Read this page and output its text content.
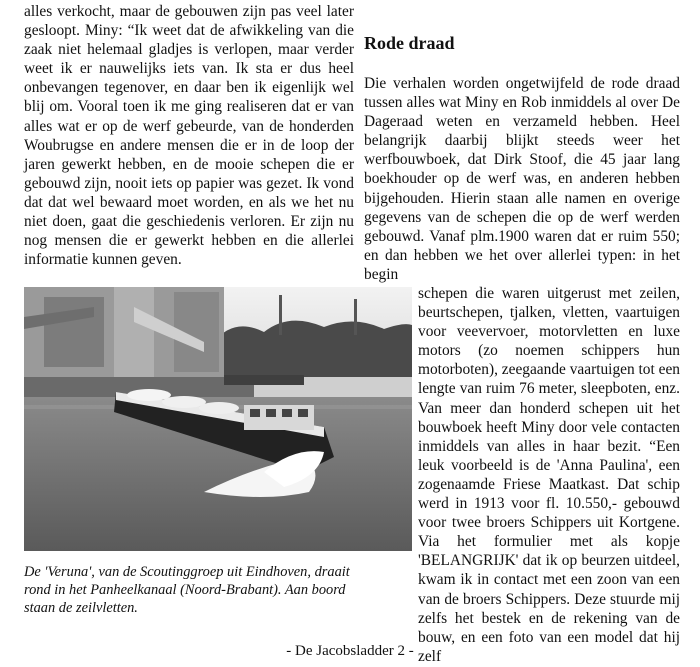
alles verkocht, maar de gebouwen zijn pas veel later gesloopt. Miny: “Ik weet dat de afwikkeling van die zaak niet helemaal gladjes is verlopen, maar verder weet ik er nauwelijks iets van. Ik sta er dus heel onbevangen tegenover, en daar ben ik eigenlijk wel blij om. Vooral toen ik me ging realiseren dat er van alles wat er op de werf gebeurde, van de honderden Woubrugse en andere mensen die er in de loop der jaren gewerkt hebben, en de mooie schepen die er gebouwd zijn, nooit iets op papier was gezet. Ik vond dat dat wel bewaard moet worden, en als we het nu niet doen, gaat die geschiedenis verloren. Er zijn nu nog mensen die er gewerkt hebben en die allerlei informatie kunnen geven.

De 'Veruna', van de Scoutinggroep uit Eindhoven, draait rond in het Panheelkanaal (Noord-Brabant). Aan boord staan de zeilvletten.
Rode draad

Die verhalen worden ongetwijfeld de rode draad tussen alles wat Miny en Rob inmiddels al over De Dageraad weten en verzameld hebben. Heel belangrijk daarbij blijkt steeds weer het werfbouwboek, dat Dirk Stoof, die 45 jaar lang boekhouder op de werf was, en anderen hebben bijgehouden. Hierin staan alle namen en overige gegevens van de schepen die op de werf werden gebouwd. Vanaf plm.1900 waren dat er ruim 550; en dan hebben we het over allerlei typen: in het begin

schepen die waren uitgerust met zeilen, beurtschepen, tjalken, vletten, vaartuigen voor veevervoer, motorvletten en luxe motors (zo noemen schippers hun motorboten), zeegaande vaartuigen tot een lengte van ruim 76 meter, sleepboten, enz. Van meer dan honderd schepen uit het bouwboek heeft Miny door vele contacten inmiddels van alles in haar bezit. “Een leuk voorbeeld is de 'Anna Paulina', een zogenaamde Friese Maatkast. Dat schip werd in 1913 voor fl. 10.550,- gebouwd voor twee broers Schippers uit Kortgene. Via het formulier met als kopje 'BELANGRIJK' dat ik op beurzen uitdeel, kwam ik in contact met een zoon van een van de broers Schippers. Deze stuurde mij zelfs het bestek en de rekening van de bouw, en een foto van een model dat hij zelf

- De Jacobsladder 2 -
